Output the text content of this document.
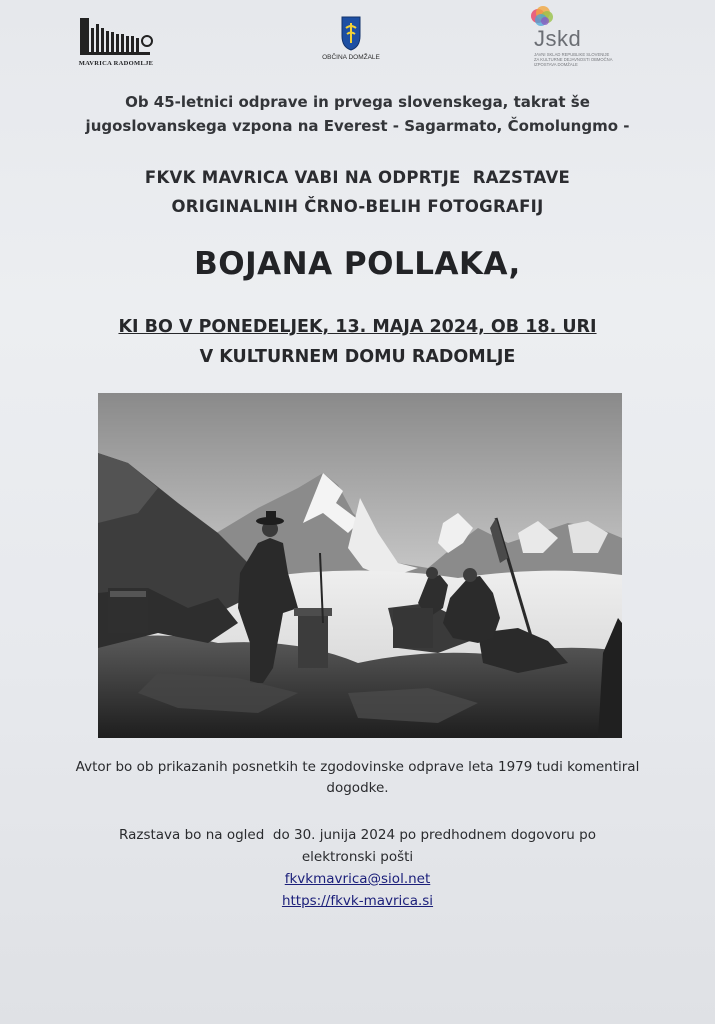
MAVRICA RADOMLJE
OBČINA DOMŽALE
Jskd
JAVNI SKLAD REPUBLIKE SLOVENIJE ZA KULTURNE DEJAVNOSTI OBMOČNA IZPOSTAVA DOMŽALE
Ob 45-letnici odprave in prvega slovenskega, takrat še
jugoslovanskega vzpona na Everest - Sagarmato, Čomolungmo -
FKVK MAVRICA VABI NA ODPRTJE  RAZSTAVE
ORIGINALNIH ČRNO-BELIH FOTOGRAFIJ
BOJANA POLLAKA,
KI BO V PONEDELJEK, 13. MAJA 2024, OB 18. URI
V KULTURNEM DOMU RADOMLJE
Avtor bo ob prikazanih posnetkih te zgodovinske odprave leta 1979 tudi komentiral
dogodke.
Razstava bo na ogled  do 30. junija 2024 po predhodnem dogovoru po
elektronski pošti
fkvkmavrica@siol.net
https://fkvk-mavrica.si
